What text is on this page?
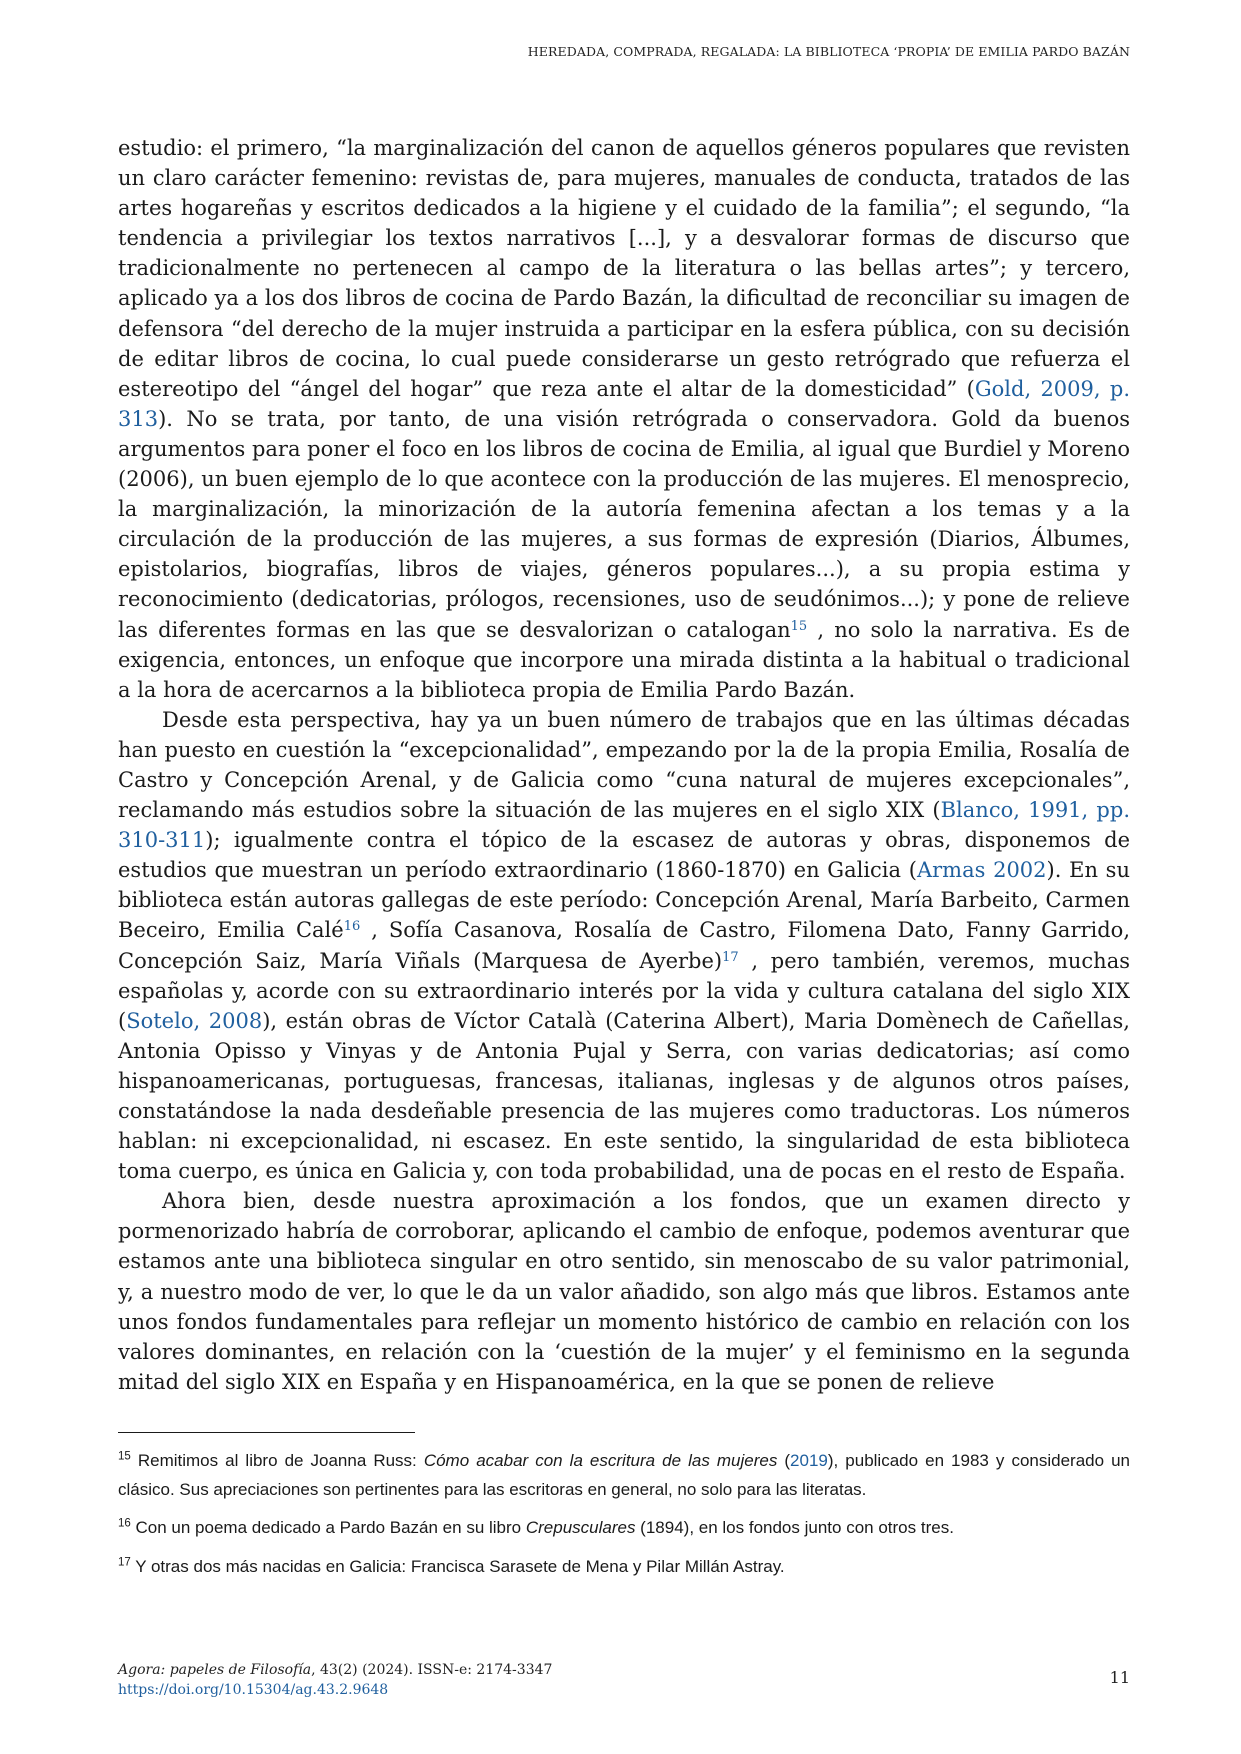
HEREDADA, COMPRADA, REGALADA: LA BIBLIOTECA ‘PROPIA’ DE EMILIA PARDO BAZÁN

estudio: el primero, “la marginalización del canon de aquellos géneros populares que revisten un claro carácter femenino: revistas de, para mujeres, manuales de conducta, tratados de las artes hogareñas y escritos dedicados a la higiene y el cuidado de la familia”; el segundo, “la tendencia a privilegiar los textos narrativos [...], y a desvalorar formas de discurso que tradicionalmente no pertenecen al campo de la literatura o las bellas artes”; y tercero, aplicado ya a los dos libros de cocina de Pardo Bazán, la dificultad de reconciliar su imagen de defensora “del derecho de la mujer instruida a participar en la esfera pública, con su decisión de editar libros de cocina, lo cual puede considerarse un gesto retrógrado que refuerza el estereotipo del “ángel del hogar” que reza ante el altar de la domesticidad” (Gold, 2009, p. 313). No se trata, por tanto, de una visión retrógrada o conservadora. Gold da buenos argumentos para poner el foco en los libros de cocina de Emilia, al igual que Burdiel y Moreno (2006), un buen ejemplo de lo que acontece con la producción de las mujeres. El menosprecio, la marginalización, la minorización de la autoría femenina afectan a los temas y a la circulación de la producción de las mujeres, a sus formas de expresión (Diarios, Álbumes, epistolarios, biografías, libros de viajes, géneros populares...), a su propia estima y reconocimiento (dedicatorias, prólogos, recensiones, uso de seudónimos...); y pone de relieve las diferentes formas en las que se desvalorizan o catalogan$^{15}$ , no solo la narrativa. Es de exigencia, entonces, un enfoque que incorpore una mirada distinta a la habitual o tradicional a la hora de acercarnos a la biblioteca propia de Emilia Pardo Bazán.

Desde esta perspectiva, hay ya un buen número de trabajos que en las últimas décadas han puesto en cuestión la “excepcionalidad”, empezando por la de la propia Emilia, Rosalía de Castro y Concepción Arenal, y de Galicia como “cuna natural de mujeres excepcionales”, reclamando más estudios sobre la situación de las mujeres en el siglo XIX (Blanco, 1991, pp. 310-311); igualmente contra el tópico de la escasez de autoras y obras, disponemos de estudios que muestran un período extraordinario (1860-1870) en Galicia (Armas 2002). En su biblioteca están autoras gallegas de este período: Concepción Arenal, María Barbeito, Carmen Beceiro, Emilia Calé$^{16}$ , Sofía Casanova, Rosalía de Castro, Filomena Dato, Fanny Garrido, Concepción Saiz, María Viñals (Marquesa de Ayerbe)$^{17}$ , pero también, veremos, muchas españolas y, acorde con su extraordinario interés por la vida y cultura catalana del siglo XIX (Sotelo, 2008), están obras de Víctor Català (Caterina Albert), Maria Domènech de Cañellas, Antonia Opisso y Vinyas y de Antonia Pujal y Serra, con varias dedicatorias; así como hispanoamericanas, portuguesas, francesas, italianas, inglesas y de algunos otros países, constatándose la nada desdeñable presencia de las mujeres como traductoras. Los números hablan: ni excepcionalidad, ni escasez. En este sentido, la singularidad de esta biblioteca toma cuerpo, es única en Galicia y, con toda probabilidad, una de pocas en el resto de España.

Ahora bien, desde nuestra aproximación a los fondos, que un examen directo y pormenorizado habría de corroborar, aplicando el cambio de enfoque, podemos aventurar que estamos ante una biblioteca singular en otro sentido, sin menoscabo de su valor patrimonial, y, a nuestro modo de ver, lo que le da un valor añadido, son algo más que libros. Estamos ante unos fondos fundamentales para reflejar un momento histórico de cambio en relación con los valores dominantes, en relación con la ‘cuestión de la mujer’ y el feminismo en la segunda mitad del siglo XIX en España y en Hispanoamérica, en la que se ponen de relieve

$^{15}$ Remitimos al libro de Joanna Russ: Cómo acabar con la escritura de las mujeres (2019), publicado en 1983 y considerado un clásico. Sus apreciaciones son pertinentes para las escritoras en general, no solo para las literatas.

$^{16}$ Con un poema dedicado a Pardo Bazán en su libro Crepusculares (1894), en los fondos junto con otros tres.

$^{17}$ Y otras dos más nacidas en Galicia: Francisca Sarasete de Mena y Pilar Millán Astray.

Agora: papeles de Filosofía, 43(2) (2024). ISSN-e: 2174-3347
https://doi.org/10.15304/ag.43.2.9648
11
